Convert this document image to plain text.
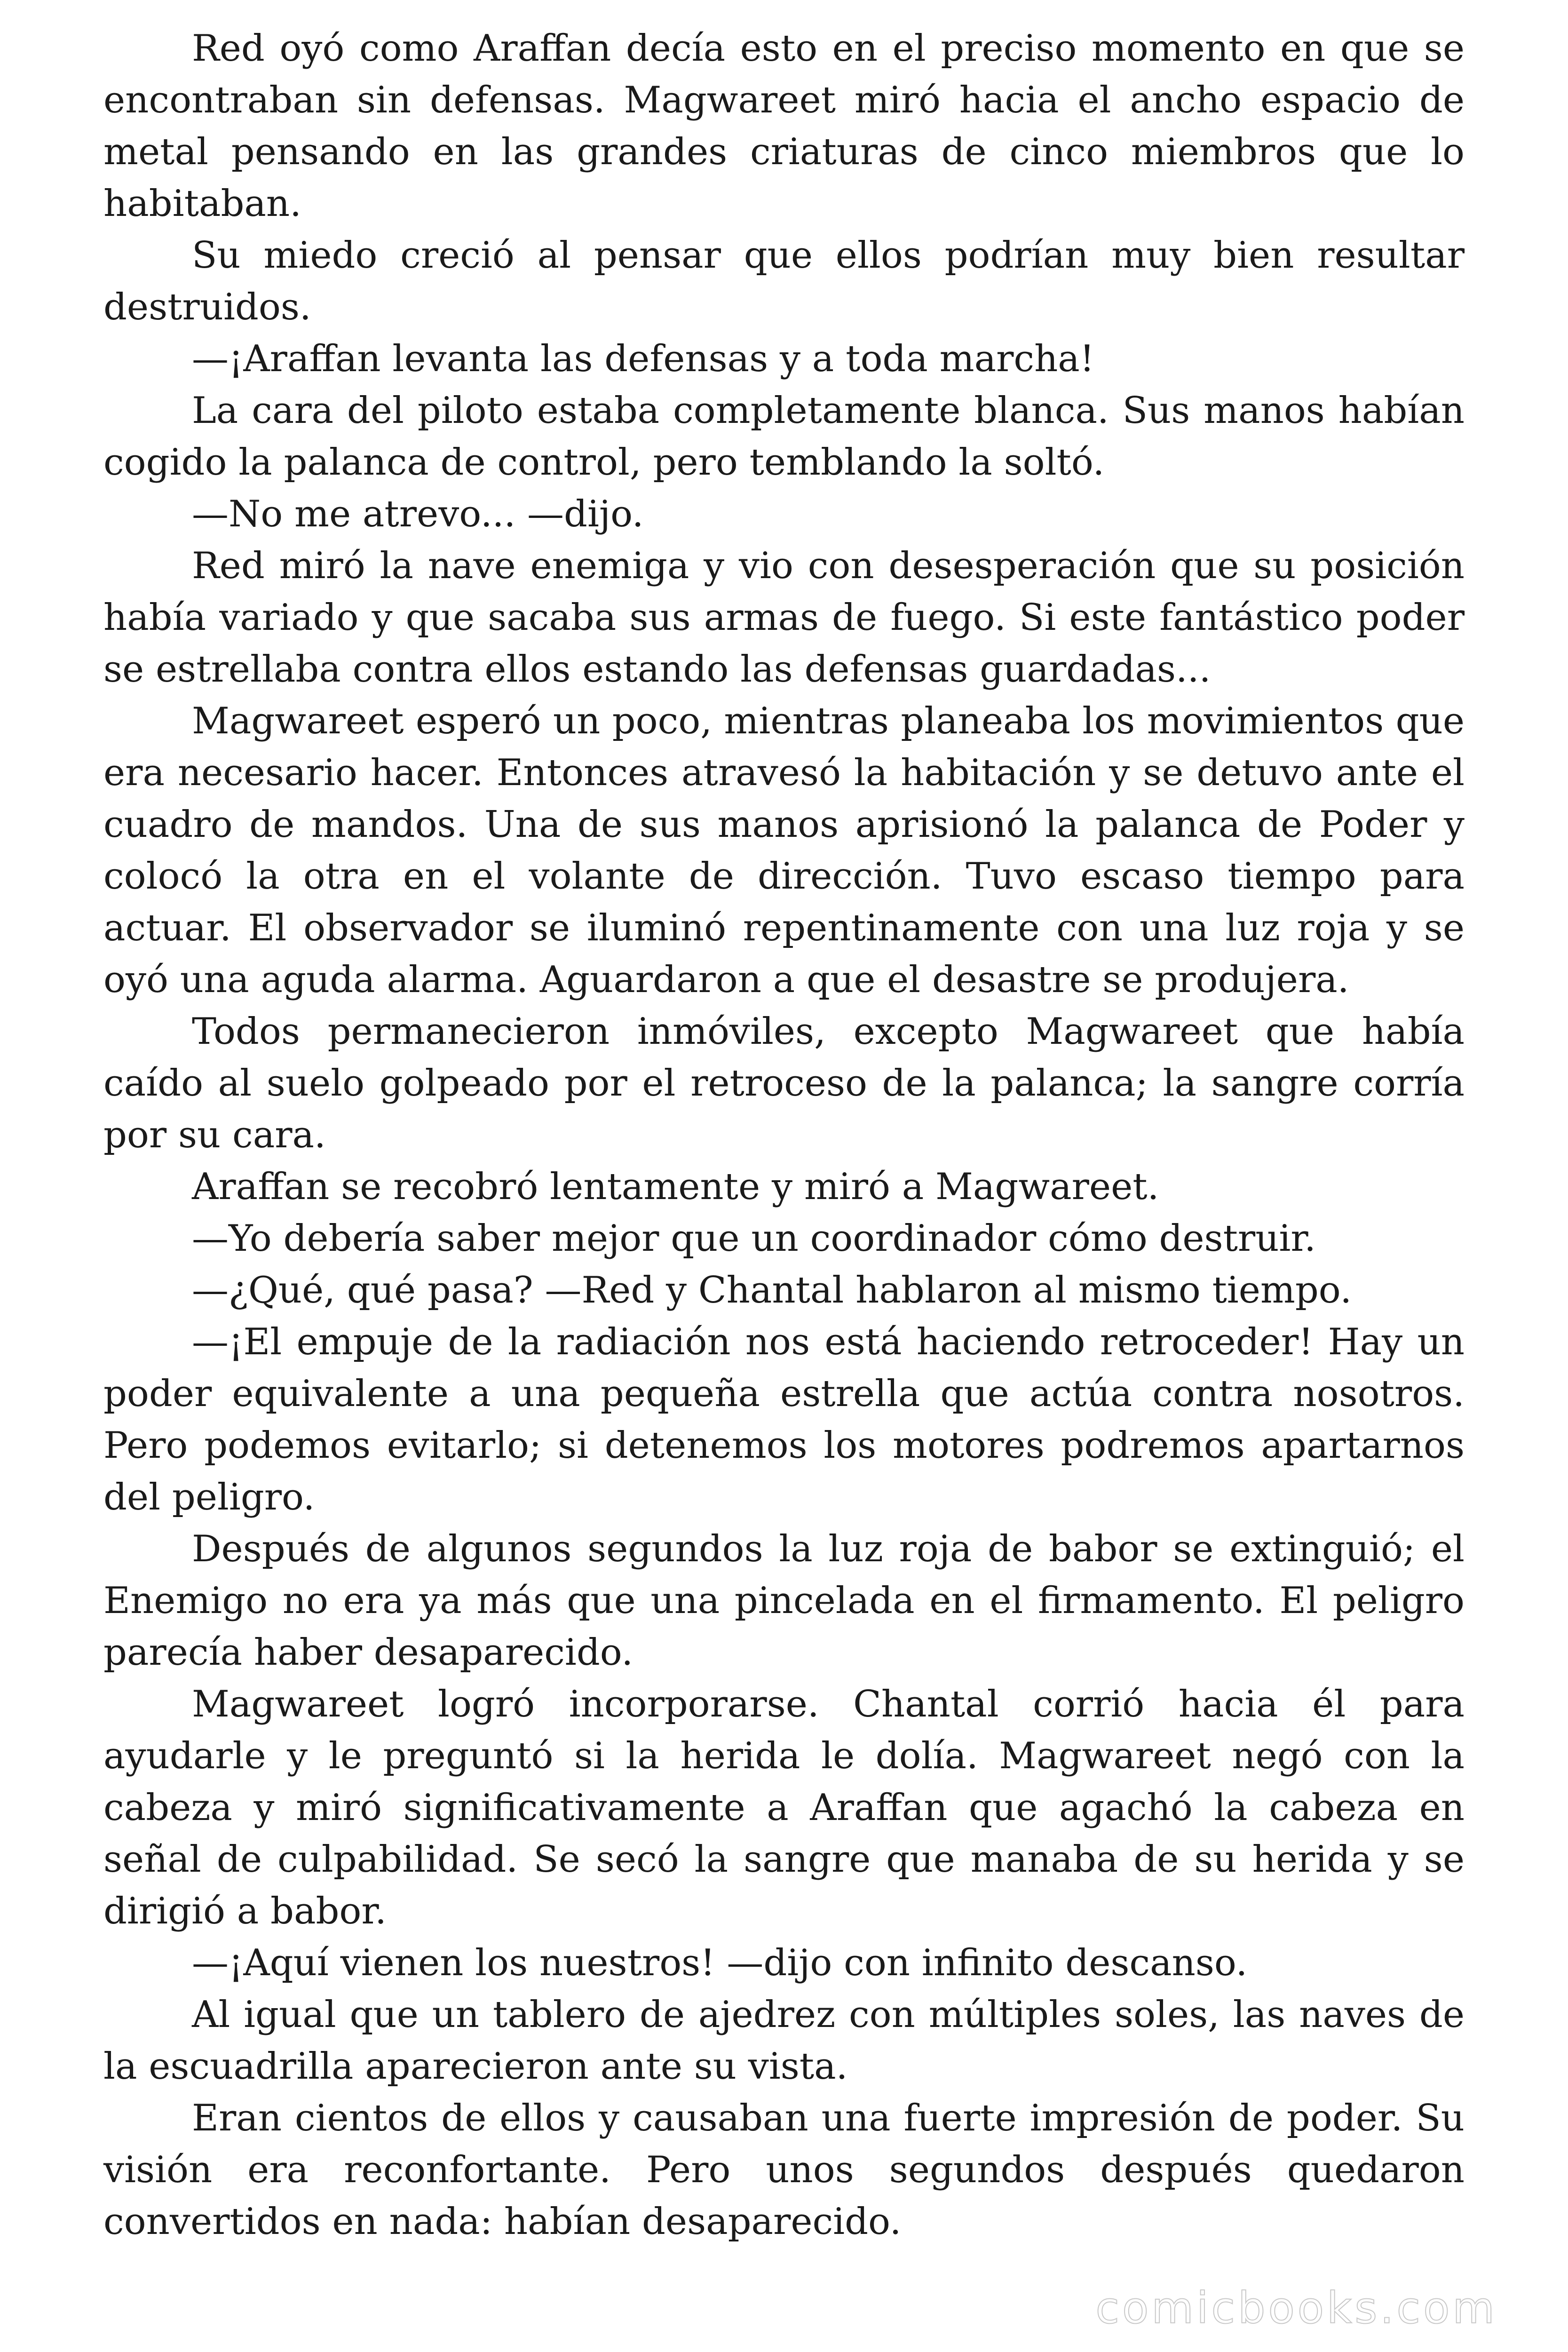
Red oyó como Araffan decía esto en el preciso momento en que se encontraban sin defensas. Magwareet miró hacia el ancho espacio de metal pensando en las grandes criaturas de cinco miembros que lo habitaban.

Su miedo creció al pensar que ellos podrían muy bien resultar destruidos.

—¡Araffan levanta las defensas y a toda marcha!

La cara del piloto estaba completamente blanca. Sus manos habían cogido la palanca de control, pero temblando la soltó.

—No me atrevo... —dijo.

Red miró la nave enemiga y vio con desesperación que su posición había variado y que sacaba sus armas de fuego. Si este fantástico poder se estrellaba contra ellos estando las defensas guardadas...

Magwareet esperó un poco, mientras planeaba los movimientos que era necesario hacer. Entonces atravesó la habitación y se detuvo ante el cuadro de mandos. Una de sus manos aprisionó la palanca de Poder y colocó la otra en el volante de dirección. Tuvo escaso tiempo para actuar. El observador se iluminó repentinamente con una luz roja y se oyó una aguda alarma. Aguardaron a que el desastre se produjera.

Todos permanecieron inmóviles, excepto Magwareet que había caído al suelo golpeado por el retroceso de la palanca; la sangre corría por su cara.

Araffan se recobró lentamente y miró a Magwareet.

—Yo debería saber mejor que un coordinador cómo destruir.

—¿Qué, qué pasa? —Red y Chantal hablaron al mismo tiempo.

—¡El empuje de la radiación nos está haciendo retroceder! Hay un poder equivalente a una pequeña estrella que actúa contra nosotros. Pero podemos evitarlo; si detenemos los motores podremos apartarnos del peligro.

Después de algunos segundos la luz roja de babor se extinguió; el Enemigo no era ya más que una pincelada en el firmamento. El peligro parecía haber desaparecido.

Magwareet logró incorporarse. Chantal corrió hacia él para ayudarle y le preguntó si la herida le dolía. Magwareet negó con la cabeza y miró significativamente a Araffan que agachó la cabeza en señal de culpabilidad. Se secó la sangre que manaba de su herida y se dirigió a babor.

—¡Aquí vienen los nuestros! —dijo con infinito descanso.

Al igual que un tablero de ajedrez con múltiples soles, las naves de la escuadrilla aparecieron ante su vista.

Eran cientos de ellos y causaban una fuerte impresión de poder. Su visión era reconfortante. Pero unos segundos después quedaron convertidos en nada: habían desaparecido.

comicbooks.com
